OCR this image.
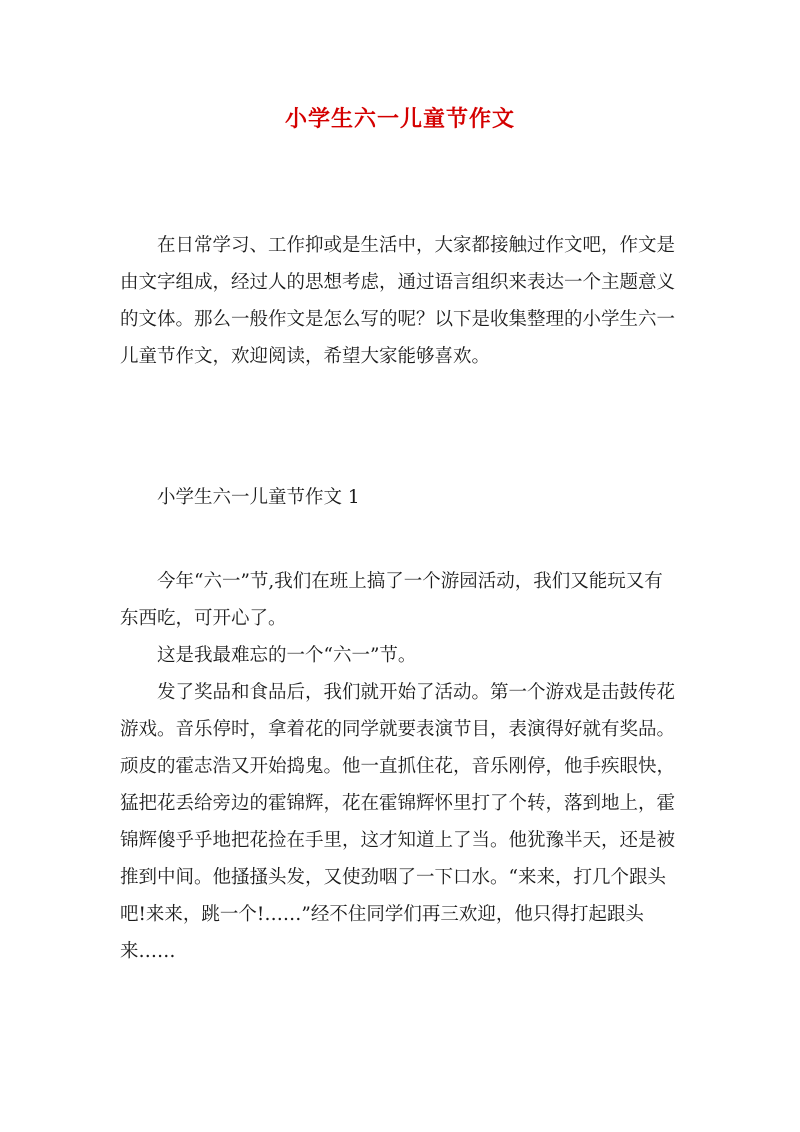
小学生六一儿童节作文

在日常学习、工作抑或是生活中，大家都接触过作文吧，作文是由文字组成，经过人的思想考虑，通过语言组织来表达一个主题意义的文体。那么一般作文是怎么写的呢？以下是收集整理的小学生六一儿童节作文，欢迎阅读，希望大家能够喜欢。

小学生六一儿童节作文 1

今年“六一”节,我们在班上搞了一个游园活动，我们又能玩又有东西吃，可开心了。

这是我最难忘的一个“六一”节。

发了奖品和食品后，我们就开始了活动。第一个游戏是击鼓传花游戏。音乐停时，拿着花的同学就要表演节目，表演得好就有奖品。顽皮的霍志浩又开始捣鬼。他一直抓住花，音乐刚停，他手疾眼快，猛把花丢给旁边的霍锦辉，花在霍锦辉怀里打了个转，落到地上，霍锦辉傻乎乎地把花捡在手里，这才知道上了当。他犹豫半天，还是被推到中间。他搔搔头发，又使劲咽了一下口水。“来来，打几个跟头吧!来来，跳一个!……”经不住同学们再三欢迎，他只得打起跟头来……
